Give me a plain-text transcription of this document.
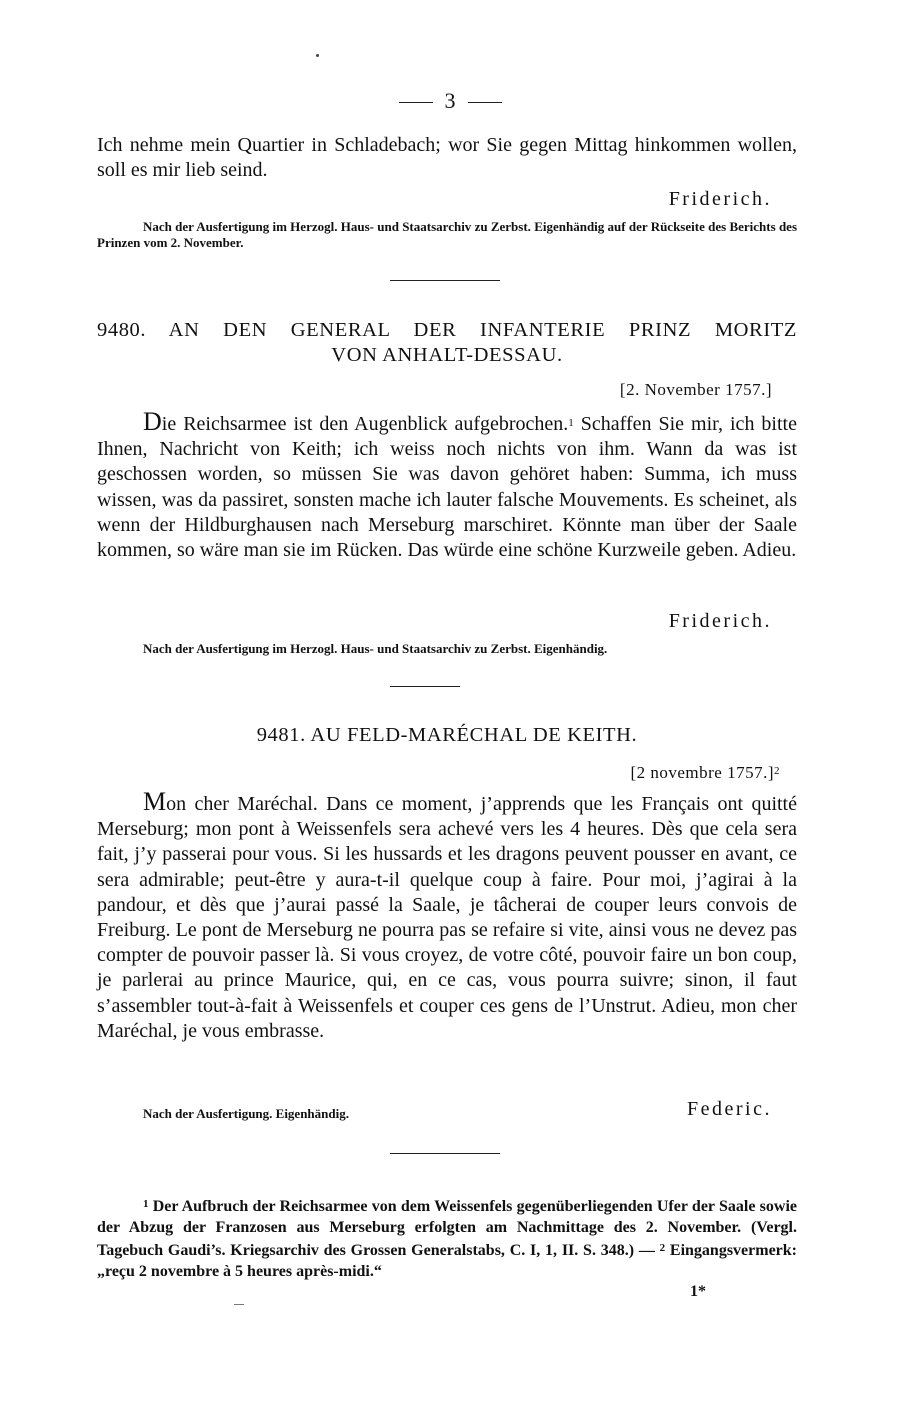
3

Ich nehme mein Quartier in Schladebach; wor Sie gegen Mittag hinkommen wollen, soll es mir lieb seind.

Friderich.
Nach der Ausfertigung im Herzogl. Haus- und Staatsarchiv zu Zerbst. Eigenhändig auf der Rückseite des Berichts des Prinzen vom 2. November.
9480. AN DEN GENERAL DER INFANTERIE PRINZ MORITZ
VON ANHALT-DESSAU.
[2. November 1757.]

Die Reichsarmee ist den Augenblick aufgebrochen.$^1$ Schaffen Sie mir, ich bitte Ihnen, Nachricht von Keith; ich weiss noch nichts von ihm. Wann da was ist geschossen worden, so müssen Sie was davon gehöret haben: Summa, ich muss wissen, was da passiret, sonsten mache ich lauter falsche Mouvements. Es scheinet, als wenn der Hildburghausen nach Merseburg marschiret. Könnte man über der Saale kommen, so wäre man sie im Rücken. Das würde eine schöne Kurzweile geben. Adieu.

Friderich.
Nach der Ausfertigung im Herzogl. Haus- und Staatsarchiv zu Zerbst. Eigenhändig.
9481. AU FELD-MARÉCHAL DE KEITH.
[2 novembre 1757.]$^2$

Mon cher Maréchal. Dans ce moment, j’apprends que les Français ont quitté Merseburg; mon pont à Weissenfels sera achevé vers les 4 heures. Dès que cela sera fait, j’y passerai pour vous. Si les hussards et les dragons peuvent pousser en avant, ce sera admirable; peut-être y aura-t-il quelque coup à faire. Pour moi, j’agirai à la pandour, et dès que j’aurai passé la Saale, je tâcherai de couper leurs convois de Freiburg. Le pont de Merseburg ne pourra pas se refaire si vite, ainsi vous ne devez pas compter de pouvoir passer là. Si vous croyez, de votre côté, pouvoir faire un bon coup, je parlerai au prince Maurice, qui, en ce cas, vous pourra suivre; sinon, il faut s’assembler tout-à-fait à Weissenfels et couper ces gens de l’Unstrut. Adieu, mon cher Maréchal, je vous embrasse.

Nach der Ausfertigung. Eigenhändig.	Federic.

$^1$ Der Aufbruch der Reichsarmee von dem Weissenfels gegenüberliegenden Ufer der Saale sowie der Abzug der Franzosen aus Merseburg erfolgten am Nachmittage des 2. November. (Vergl. Tagebuch Gaudi’s. Kriegsarchiv des Grossen Generalstabs, C. I, 1, II. S. 348.) — $^2$ Eingangsvermerk: „reçu 2 novembre à 5 heures après-midi.“

1*
